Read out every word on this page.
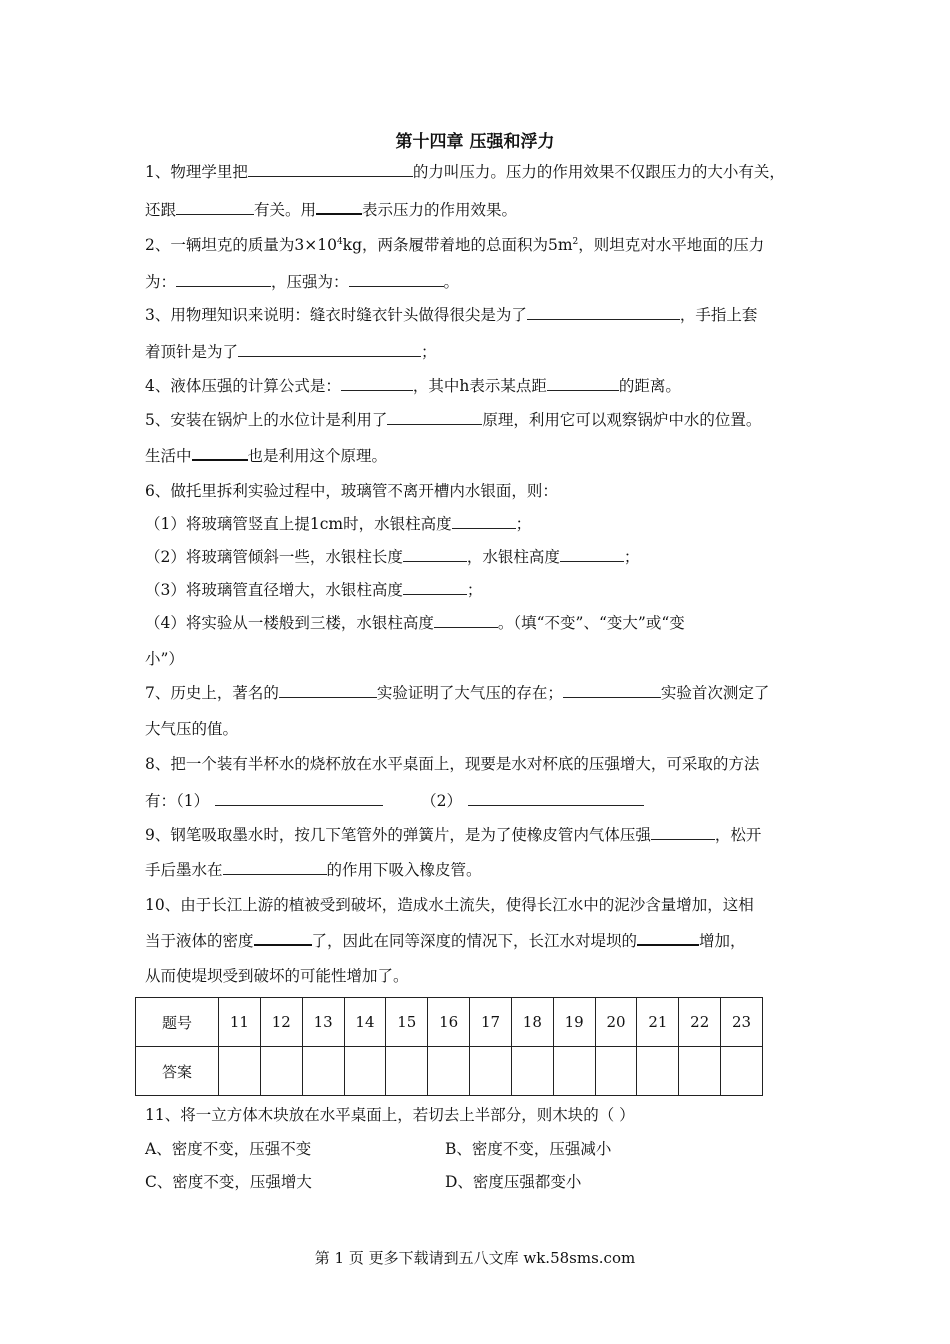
第十四章 压强和浮力
1、物理学里把	的力叫压力。压力的作用效果不仅跟压力的大小有关，
还跟	有关。用	表示压力的作用效果。
2、一辆坦克的质量为$3\times 10^4kg$，两条履带着地的总面积为$5m^2$，则坦克对水平地面的压力
为：	，压强为：	。
3、用物理知识来说明：缝衣时缝衣针头做得很尖是为了	，手指上套
着顶针是为了	；
4、液体压强的计算公式是：	，其中h表示某点距	的距离。
5、安装在锅炉上的水位计是利用了	原理，利用它可以观察锅炉中水的位置。
生活中	也是利用这个原理。
6、做托里拆利实验过程中，玻璃管不离开槽内水银面，则：
（1）将玻璃管竖直上提1cm时，水银柱高度	；
（2）将玻璃管倾斜一些，水银柱长度	，水银柱高度	；
（3）将玻璃管直径增大，水银柱高度	；
（4）将实验从一楼般到三楼，水银柱高度	。（填“不变”、“变大”或“变
小”）
7、历史上，著名的	实验证明了大气压的存在；	实验首次测定了
大气压的值。
8、把一个装有半杯水的烧杯放在水平桌面上，现要是水对杯底的压强增大，可采取的方法
有：（1）	（2）
9、钢笔吸取墨水时，按几下笔管外的弹簧片，是为了使橡皮管内气体压强	，松开
手后墨水在	的作用下吸入橡皮管。
10、由于长江上游的植被受到破坏，造成水土流失，使得长江水中的泥沙含量增加，这相
当于液体的密度	了，因此在同等深度的情况下，长江水对堤坝的	增加，
从而使堤坝受到破坏的可能性增加了。
题号	11	12	13	14	15	16	17	18	19	20	21	22	23
答案													
11、将一立方体木块放在水平桌面上，若切去上半部分，则木块的（ ）
A、密度不变，压强不变	B、密度不变，压强减小
C、密度不变，压强增大	D、密度压强都变小
第 1 页 更多下载请到五八文库 wk.58sms.com
